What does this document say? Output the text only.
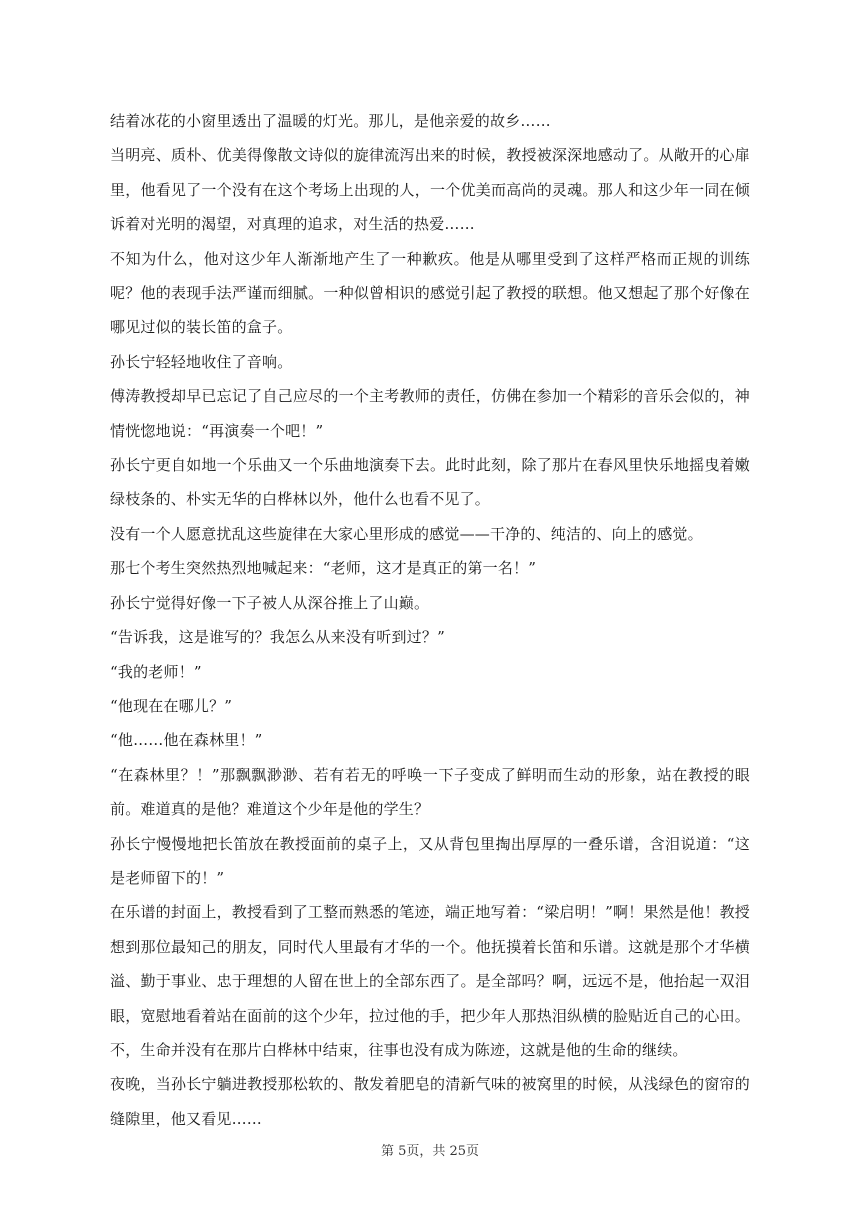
结着冰花的小窗里透出了温暖的灯光。那儿，是他亲爱的故乡……

当明亮、质朴、优美得像散文诗似的旋律流泻出来的时候，教授被深深地感动了。从敞开的心扉里，他看见了一个没有在这个考场上出现的人，一个优美而高尚的灵魂。那人和这少年一同在倾诉着对光明的渴望，对真理的追求，对生活的热爱……

不知为什么，他对这少年人渐渐地产生了一种歉疚。他是从哪里受到了这样严格而正规的训练呢？他的表现手法严谨而细腻。一种似曾相识的感觉引起了教授的联想。他又想起了那个好像在哪见过似的装长笛的盒子。

孙长宁轻轻地收住了音响。

傅涛教授却早已忘记了自己应尽的一个主考教师的责任，仿佛在参加一个精彩的音乐会似的，神情恍惚地说：“再演奏一个吧！”

孙长宁更自如地一个乐曲又一个乐曲地演奏下去。此时此刻，除了那片在春风里快乐地摇曳着嫩绿枝条的、朴实无华的白桦林以外，他什么也看不见了。

没有一个人愿意扰乱这些旋律在大家心里形成的感觉——干净的、纯洁的、向上的感觉。

那七个考生突然热烈地喊起来：“老师，这才是真正的第一名！”

孙长宁觉得好像一下子被人从深谷推上了山巅。

“告诉我，这是谁写的？我怎么从来没有听到过？”

“我的老师！”

“他现在在哪儿？”

“他……他在森林里！”

“在森林里？！”那飘飘渺渺、若有若无的呼唤一下子变成了鲜明而生动的形象，站在教授的眼前。难道真的是他？难道这个少年是他的学生？

孙长宁慢慢地把长笛放在教授面前的桌子上，又从背包里掏出厚厚的一叠乐谱，含泪说道：“这是老师留下的！”

在乐谱的封面上，教授看到了工整而熟悉的笔迹，端正地写着：“梁启明！”啊！果然是他！教授想到那位最知己的朋友，同时代人里最有才华的一个。他抚摸着长笛和乐谱。这就是那个才华横溢、勤于事业、忠于理想的人留在世上的全部东西了。是全部吗？啊，远远不是，他抬起一双泪眼，宽慰地看着站在面前的这个少年，拉过他的手，把少年人那热泪纵横的脸贴近自己的心田。不，生命并没有在那片白桦林中结束，往事也没有成为陈迹，这就是他的生命的继续。

夜晚，当孙长宁躺进教授那松软的、散发着肥皂的清新气味的被窝里的时候，从浅绿色的窗帘的缝隙里，他又看见……

第 5页，共 25页
